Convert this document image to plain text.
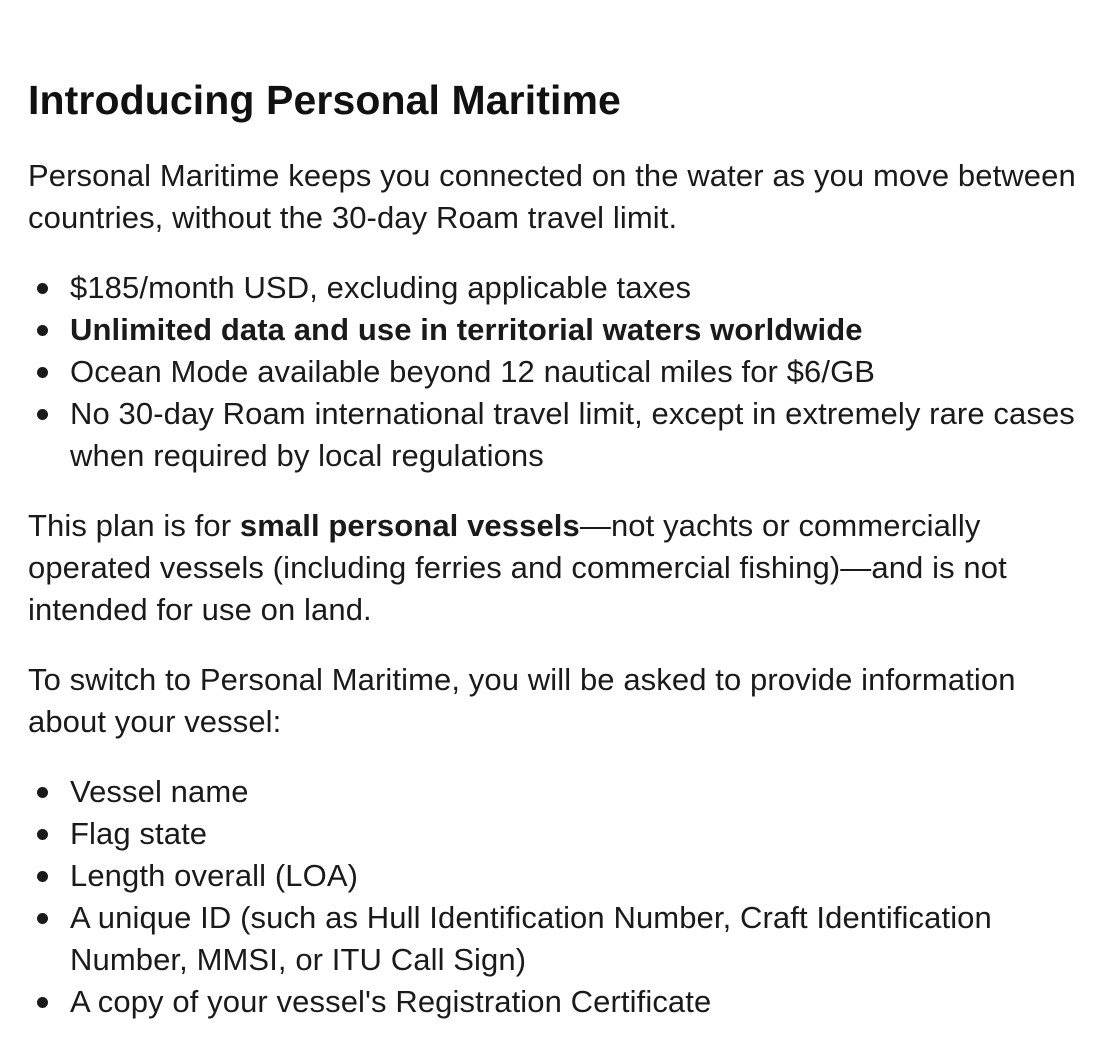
Introducing Personal Maritime

Personal Maritime keeps you connected on the water as you move between countries, without the 30-day Roam travel limit.

$185/month USD, excluding applicable taxes
Unlimited data and use in territorial waters worldwide
Ocean Mode available beyond 12 nautical miles for $6/GB
No 30-day Roam international travel limit, except in extremely rare cases when required by local regulations

This plan is for small personal vessels—not yachts or commercially operated vessels (including ferries and commercial fishing)—and is not intended for use on land.

To switch to Personal Maritime, you will be asked to provide information about your vessel:

Vessel name
Flag state
Length overall (LOA)
A unique ID (such as Hull Identification Number, Craft Identification Number, MMSI, or ITU Call Sign)
A copy of your vessel's Registration Certificate
